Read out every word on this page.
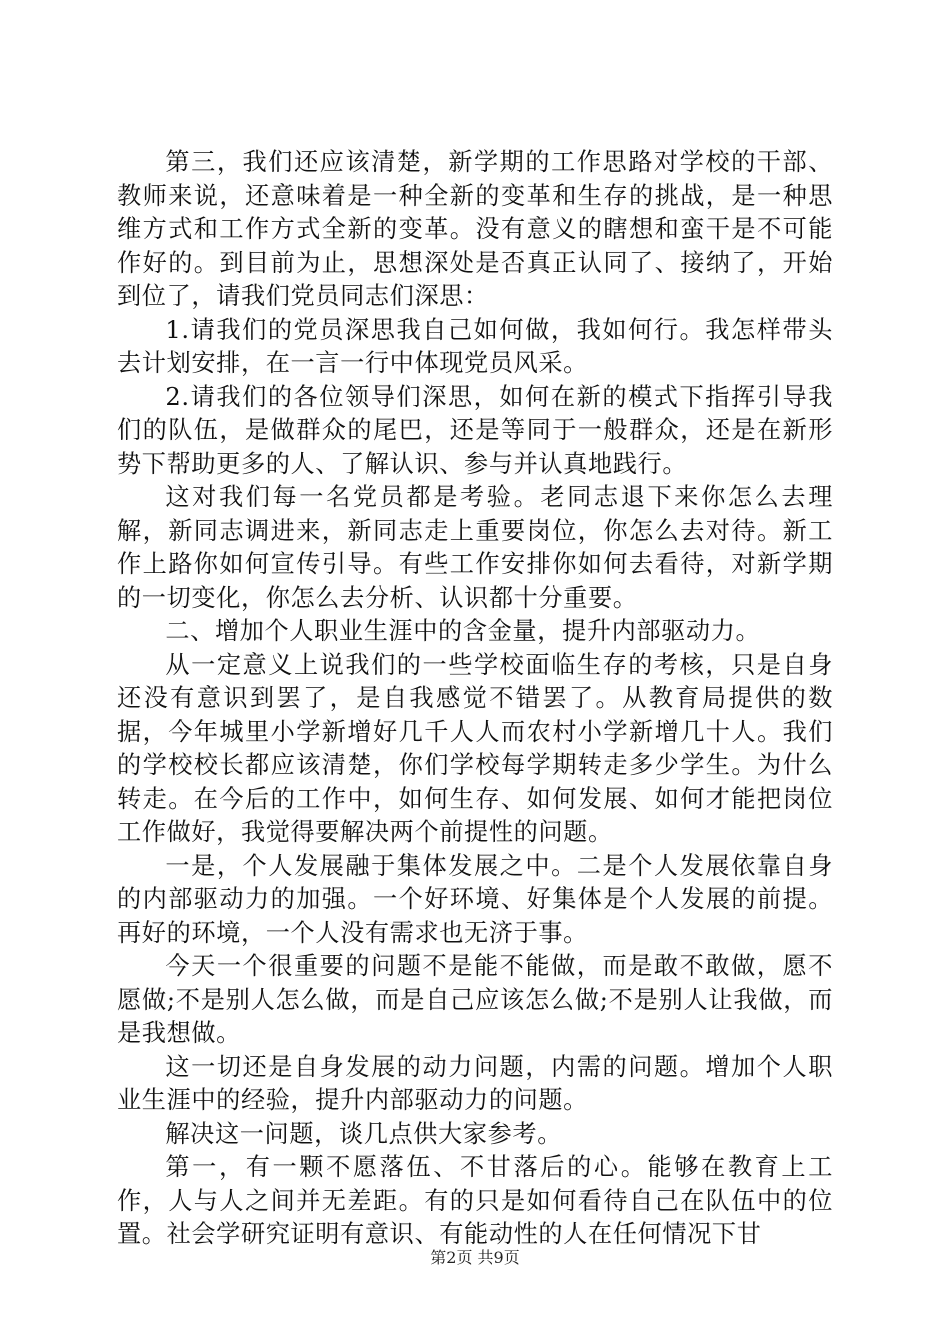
第三，我们还应该清楚，新学期的工作思路对学校的干部、教师来说，还意味着是一种全新的变革和生存的挑战，是一种思维方式和工作方式全新的变革。没有意义的瞎想和蛮干是不可能作好的。到目前为止，思想深处是否真正认同了、接纳了，开始到位了，请我们党员同志们深思：

1.请我们的党员深思我自己如何做，我如何行。我怎样带头去计划安排，在一言一行中体现党员风采。

2.请我们的各位领导们深思，如何在新的模式下指挥引导我们的队伍，是做群众的尾巴，还是等同于一般群众，还是在新形势下帮助更多的人、了解认识、参与并认真地践行。

这对我们每一名党员都是考验。老同志退下来你怎么去理解，新同志调进来，新同志走上重要岗位，你怎么去对待。新工作上路你如何宣传引导。有些工作安排你如何去看待，对新学期的一切变化，你怎么去分析、认识都十分重要。

二、增加个人职业生涯中的含金量，提升内部驱动力。

从一定意义上说我们的一些学校面临生存的考核，只是自身还没有意识到罢了，是自我感觉不错罢了。从教育局提供的数据，今年城里小学新增好几千人人而农村小学新增几十人。我们的学校校长都应该清楚，你们学校每学期转走多少学生。为什么转走。在今后的工作中，如何生存、如何发展、如何才能把岗位工作做好，我觉得要解决两个前提性的问题。

一是，个人发展融于集体发展之中。二是个人发展依靠自身的内部驱动力的加强。一个好环境、好集体是个人发展的前提。再好的环境，一个人没有需求也无济于事。

今天一个很重要的问题不是能不能做，而是敢不敢做，愿不愿做;不是别人怎么做，而是自己应该怎么做;不是别人让我做，而是我想做。

这一切还是自身发展的动力问题，内需的问题。增加个人职业生涯中的经验，提升内部驱动力的问题。

解决这一问题，谈几点供大家参考。

第一，有一颗不愿落伍、不甘落后的心。能够在教育上工作，人与人之间并无差距。有的只是如何看待自己在队伍中的位置。社会学研究证明有意识、有能动性的人在任何情况下甘

第2页 共9页
